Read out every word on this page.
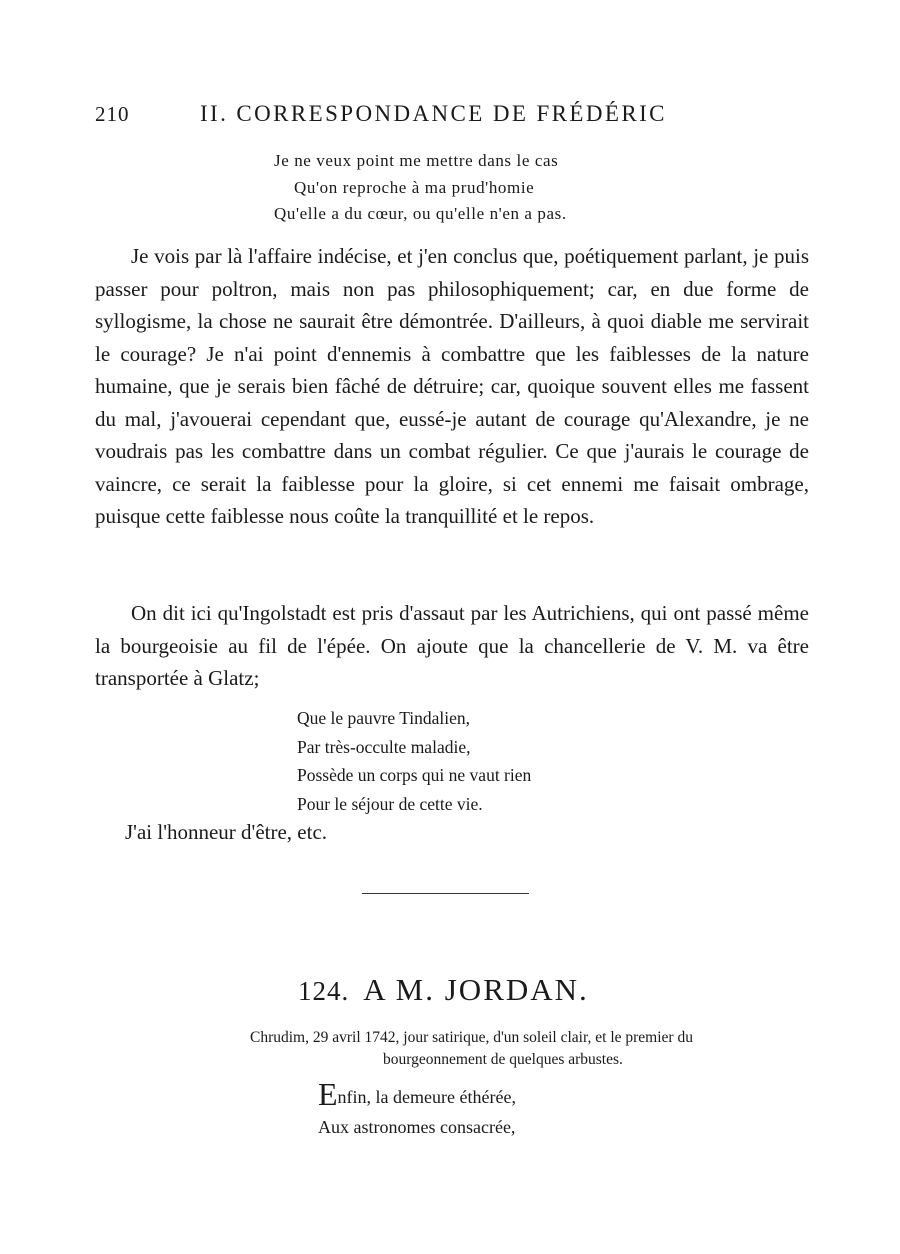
210	II. CORRESPONDANCE DE FRÉDÉRIC
Je ne veux point me mettre dans le cas
Qu'on reproche à ma prud'homie
Qu'elle a du cœur, ou qu'elle n'en a pas.

Je vois par là l'affaire indécise, et j'en conclus que, poétiquement parlant, je puis passer pour poltron, mais non pas philosophiquement; car, en due forme de syllogisme, la chose ne saurait être démontrée. D'ailleurs, à quoi diable me servirait le courage? Je n'ai point d'ennemis à combattre que les faiblesses de la nature humaine, que je serais bien fâché de détruire; car, quoique souvent elles me fassent du mal, j'avouerai cependant que, eussé-je autant de courage qu'Alexandre, je ne voudrais pas les combattre dans un combat régulier. Ce que j'aurais le courage de vaincre, ce serait la faiblesse pour la gloire, si cet ennemi me faisait ombrage, puisque cette faiblesse nous coûte la tranquillité et le repos.

On dit ici qu'Ingolstadt est pris d'assaut par les Autrichiens, qui ont passé même la bourgeoisie au fil de l'épée. On ajoute que la chancellerie de V. M. va être transportée à Glatz;

Que le pauvre Tindalien,
Par très-occulte maladie,
Possède un corps qui ne vaut rien
Pour le séjour de cette vie.
J'ai l'honneur d'être, etc.
124. A M. JORDAN.
Chrudim, 29 avril 1742, jour satirique, d'un soleil clair, et le premier du
bourgeonnement de quelques arbustes.
Enfin, la demeure éthérée,
Aux astronomes consacrée,
